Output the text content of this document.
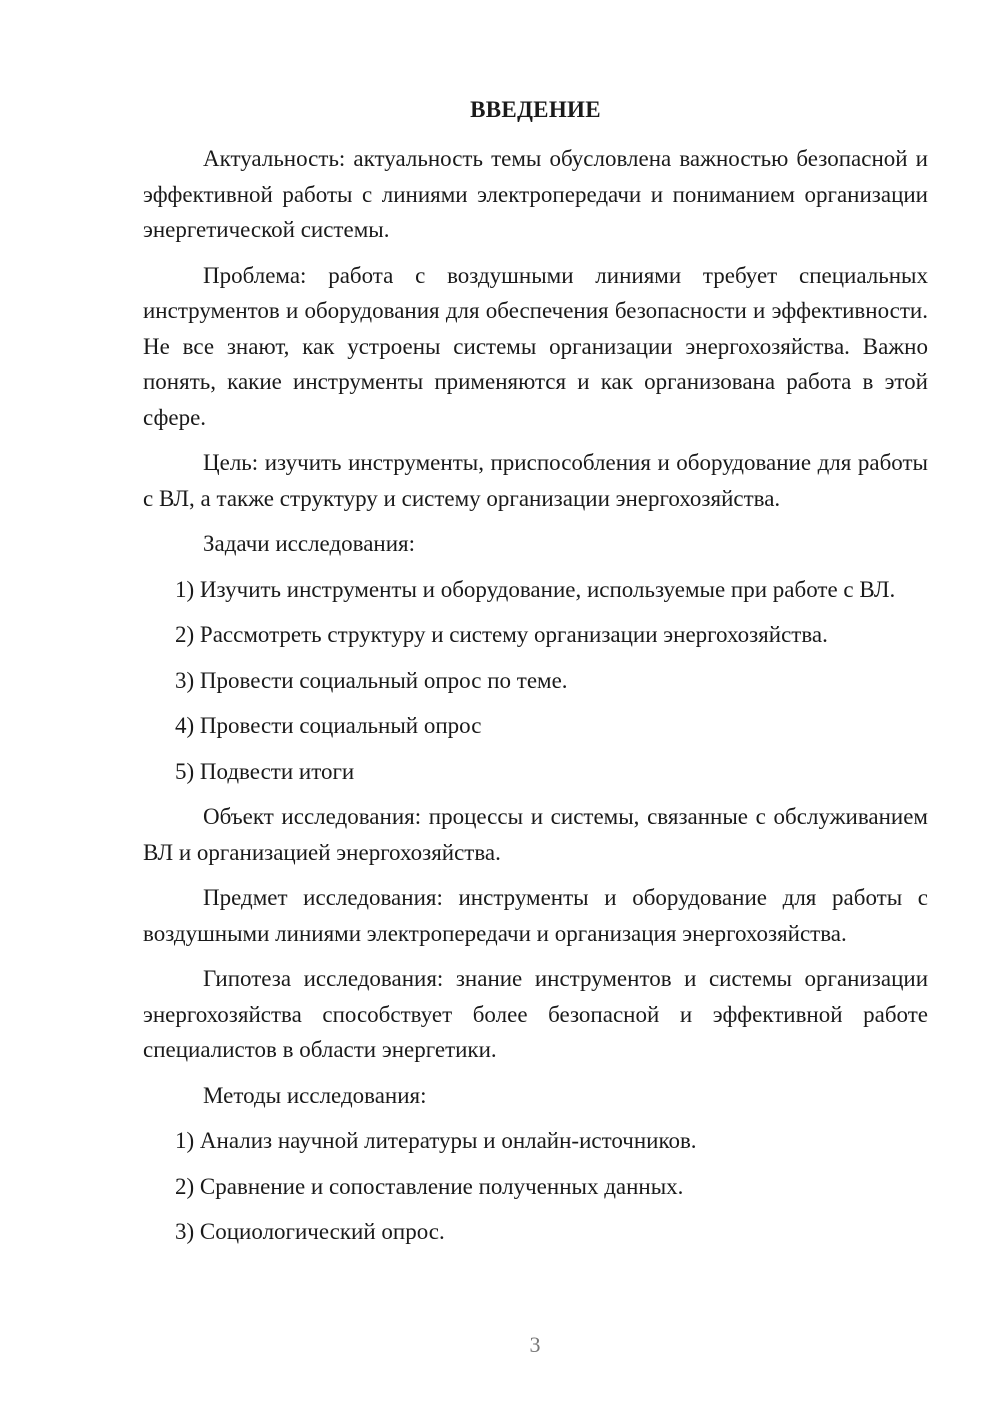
ВВЕДЕНИЕ

Актуальность: актуальность темы обусловлена важностью безопасной и эффективной работы с линиями электропередачи и пониманием организации энергетической системы.

Проблема: работа с воздушными линиями требует специальных инструментов и оборудования для обеспечения безопасности и эффективности. Не все знают, как устроены системы организации энергохозяйства. Важно понять, какие инструменты применяются и как организована работа в этой сфере.

Цель: изучить инструменты, приспособления и оборудование для работы с ВЛ, а также структуру и систему организации энергохозяйства.

Задачи исследования:

1) Изучить инструменты и оборудование, используемые при работе с ВЛ.

2) Рассмотреть структуру и систему организации энергохозяйства.

3) Провести социальный опрос по теме.

4) Провести социальный опрос

5) Подвести итоги

Объект исследования: процессы и системы, связанные с обслуживанием ВЛ и организацией энергохозяйства.

Предмет исследования: инструменты и оборудование для работы с воздушными линиями электропередачи и организация энергохозяйства.

Гипотеза исследования: знание инструментов и системы организации энергохозяйства способствует более безопасной и эффективной работе специалистов в области энергетики.

Методы исследования:

1) Анализ научной литературы и онлайн-источников.

2) Сравнение и сопоставление полученных данных.

3) Социологический опрос.

3
